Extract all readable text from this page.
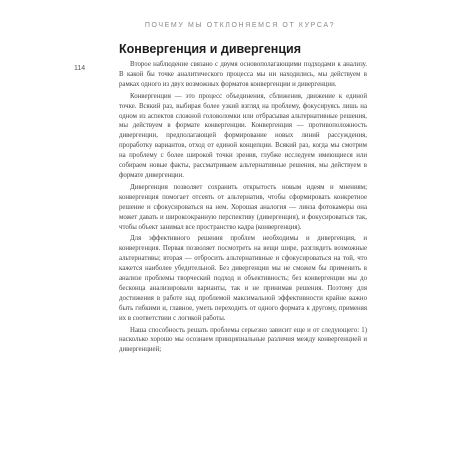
ПОЧЕМУ МЫ ОТКЛОНЯЕМСЯ ОТ КУРСА?
114
Конвергенция и дивергенция

Второе наблюдение связано с двумя основополагающими подходами к анализу. В какой бы точке аналитического процесса мы ни находились, мы действуем в рамках одного из двух возможных форматов конвергенции и дивергенции.

Конвергенция — это процесс объединения, сближения, движение к единой точке. Всякий раз, выбирая более узкий взгляд на проблему, фокусируясь лишь на одном из аспектов сложной головоломки или отбрасывая альтернативные решения, мы действуем в формате конвергенции. Конвергенция — противоположность дивергенции, предполагающей формирование новых линий рассуждения, проработку вариантов, отход от единой концепции. Всякий раз, когда мы смотрим на проблему с более широкой точки зрения, глубже исследуем имеющиеся или собираем новые факты, рассматриваем альтернативные решения, мы действуем в формате дивергенции.

Дивергенция позволяет сохранить открытость новым идеям и мнениям; конвергенция помогает отсеять от альтернатив, чтобы сформировать конкретное решение и сфокусироваться на нем. Хорошая аналогия — линза фотокамеры она может давать и широкоэкранную перспективу (дивергенция), и фокусироваться так, чтобы объект занимал все пространство кадра (конвергенция).

Для эффективного решения проблем необходимы и дивергенция, и конвергенция. Первая позволяет посмотреть на вещи шире, разглядеть возможные альтернативы; вторая — отбросить альтернативные и сфокусироваться на той, что кажется наиболее убедительной. Без дивергенции мы не сможем бы применить в анализе проблемы творческий подход и объективность; без конвергенции мы до бесконца анализировали варианты, так и не принимая решения. Поэтому для достижения в работе над проблемой максимальной эффективности крайне важно быть гибкими и, главное, уметь переходить от одного формата к другому, применяя их в соответствии с логикой работы.

Наша способность решать проблемы серьезно зависит еще и от следующего: 1) насколько хорошо мы осознаем принципиальные различия между конвергенцией и дивергенцией;
